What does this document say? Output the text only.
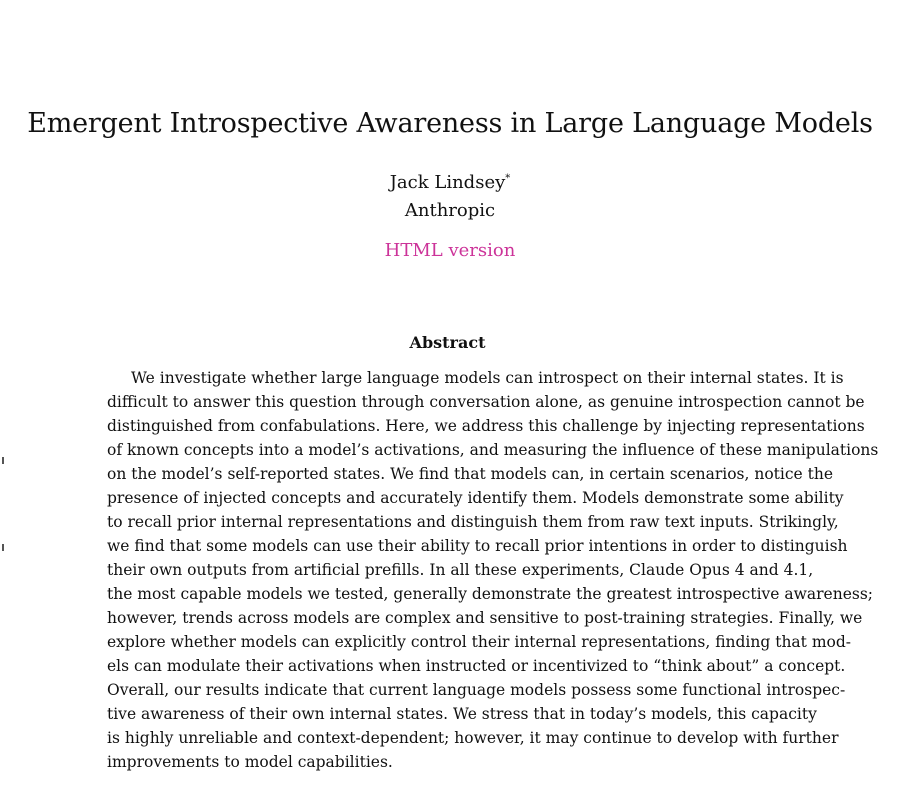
Emergent Introspective Awareness in Large Language Models
Jack Lindsey*
Anthropic
HTML version
Abstract
We investigate whether large language models can introspect on their internal states. It is
difficult to answer this question through conversation alone, as genuine introspection cannot be
distinguished from confabulations. Here, we address this challenge by injecting representations
of known concepts into a model’s activations, and measuring the influence of these manipulations
on the model’s self-reported states. We find that models can, in certain scenarios, notice the
presence of injected concepts and accurately identify them. Models demonstrate some ability
to recall prior internal representations and distinguish them from raw text inputs. Strikingly,
we find that some models can use their ability to recall prior intentions in order to distinguish
their own outputs from artificial prefills. In all these experiments, Claude Opus 4 and 4.1,
the most capable models we tested, generally demonstrate the greatest introspective awareness;
however, trends across models are complex and sensitive to post-training strategies. Finally, we
explore whether models can explicitly control their internal representations, finding that mod-
els can modulate their activations when instructed or incentivized to “think about” a concept.
Overall, our results indicate that current language models possess some functional introspec-
tive awareness of their own internal states. We stress that in today’s models, this capacity
is highly unreliable and context-dependent; however, it may continue to develop with further
improvements to model capabilities.
